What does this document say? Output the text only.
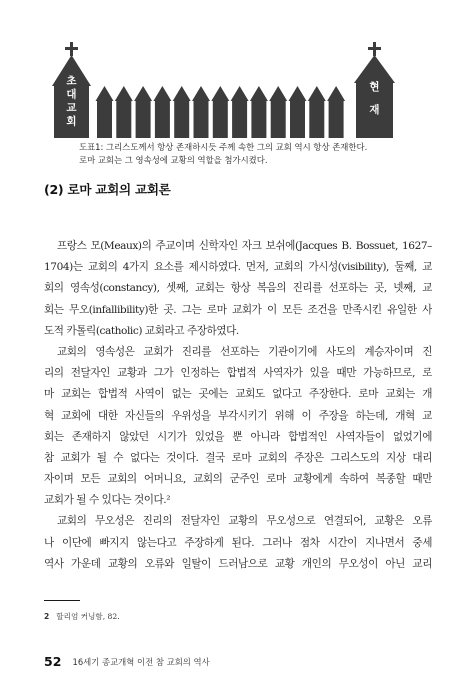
초 대 교 회
현 재
도표1: 그리스도께서 항상 존재하시듯 주께 속한 그의 교회 역시 항상 존재한다.
로마 교회는 그 영속성에 교황의 역할을 첨가시켰다.
(2) 로마 교회의 교회론
프랑스 모(Meaux)의 주교이며 신학자인 자크 보쉬에(Jacques B. Bossuet, 1627–
1704)는 교회의 4가지 요소를 제시하였다. 먼저, 교회의 가시성(visibility), 둘째, 교
회의 영속성(constancy), 셋째, 교회는 항상 복음의 진리를 선포하는 곳, 넷째, 교
회는 무오(infallibility)한 곳. 그는 로마 교회가 이 모든 조건을 만족시킨 유일한 사
도적 카톨릭(catholic) 교회라고 주장하였다.
교회의 영속성은 교회가 진리를 선포하는 기관이기에 사도의 계승자이며 진
리의 전달자인 교황과 그가 인정하는 합법적 사역자가 있을 때만 가능하므로, 로
마 교회는 합법적 사역이 없는 곳에는 교회도 없다고 주장한다. 로마 교회는 개
혁 교회에 대한 자신들의 우위성을 부각시키기 위해 이 주장을 하는데, 개혁 교
회는 존재하지 않았던 시기가 있었을 뿐 아니라 합법적인 사역자들이 없었기에
참 교회가 될 수 없다는 것이다. 결국 로마 교회의 주장은 그리스도의 지상 대리
자이며 모든 교회의 어머니요, 교회의 군주인 로마 교황에게 속하여 복종할 때만
교회가 될 수 있다는 것이다.²
교회의 무오성은 진리의 전달자인 교황의 무오성으로 연결되어, 교황은 오류
나 이단에 빠지지 않는다고 주장하게 된다. 그러나 점차 시간이 지나면서 중세
역사 가운데 교황의 오류와 일탈이 드러남으로 교황 개인의 무오성이 아닌 교리
2 할리엄 커닝함, 82.
52 16세기 종교개혁 이전 참 교회의 역사
